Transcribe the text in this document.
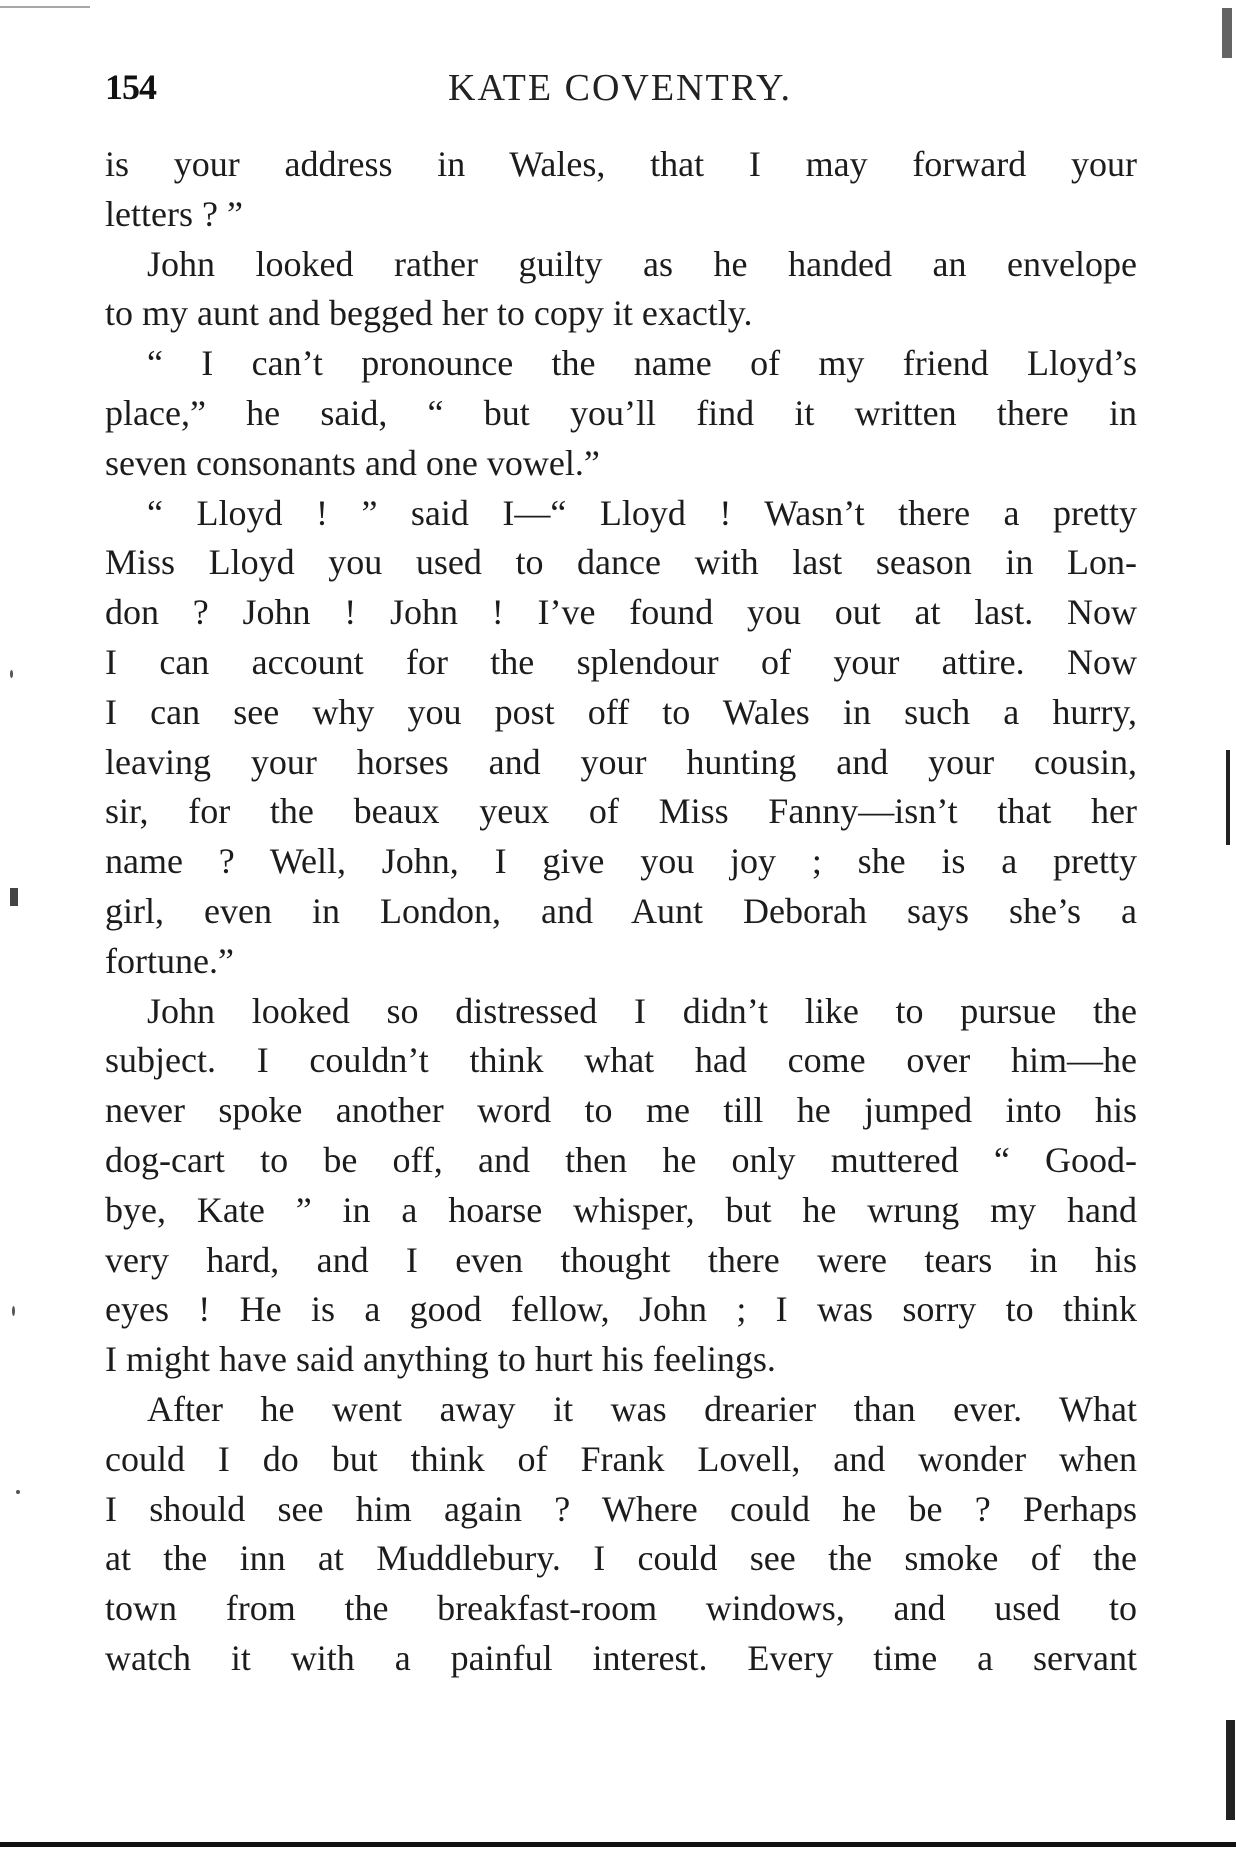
154	KATE COVENTRY.

is your address in Wales, that I may forward your

letters ? ”

John looked rather guilty as he handed an envelope

to my aunt and begged her to copy it exactly.

“ I can’t pronounce the name of my friend Lloyd’s

place,” he said, “ but you’ll find it written there in

seven consonants and one vowel.”

“ Lloyd ! ” said I—“ Lloyd ! Wasn’t there a pretty

Miss Lloyd you used to dance with last season in Lon-

don ? John ! John ! I’ve found you out at last. Now

I can account for the splendour of your attire. Now

I can see why you post off to Wales in such a hurry,

leaving your horses and your hunting and your cousin,

sir, for the beaux yeux of Miss Fanny—isn’t that her

name ? Well, John, I give you joy ; she is a pretty

girl, even in London, and Aunt Deborah says she’s a

fortune.”

John looked so distressed I didn’t like to pursue the

subject. I couldn’t think what had come over him—he

never spoke another word to me till he jumped into his

dog-cart to be off, and then he only muttered “ Good-

bye, Kate ” in a hoarse whisper, but he wrung my hand

very hard, and I even thought there were tears in his

eyes ! He is a good fellow, John ; I was sorry to think

I might have said anything to hurt his feelings.

After he went away it was drearier than ever. What

could I do but think of Frank Lovell, and wonder when

I should see him again ? Where could he be ? Perhaps

at the inn at Muddlebury. I could see the smoke of the

town from the breakfast-room windows, and used to

watch it with a painful interest. Every time a servant
